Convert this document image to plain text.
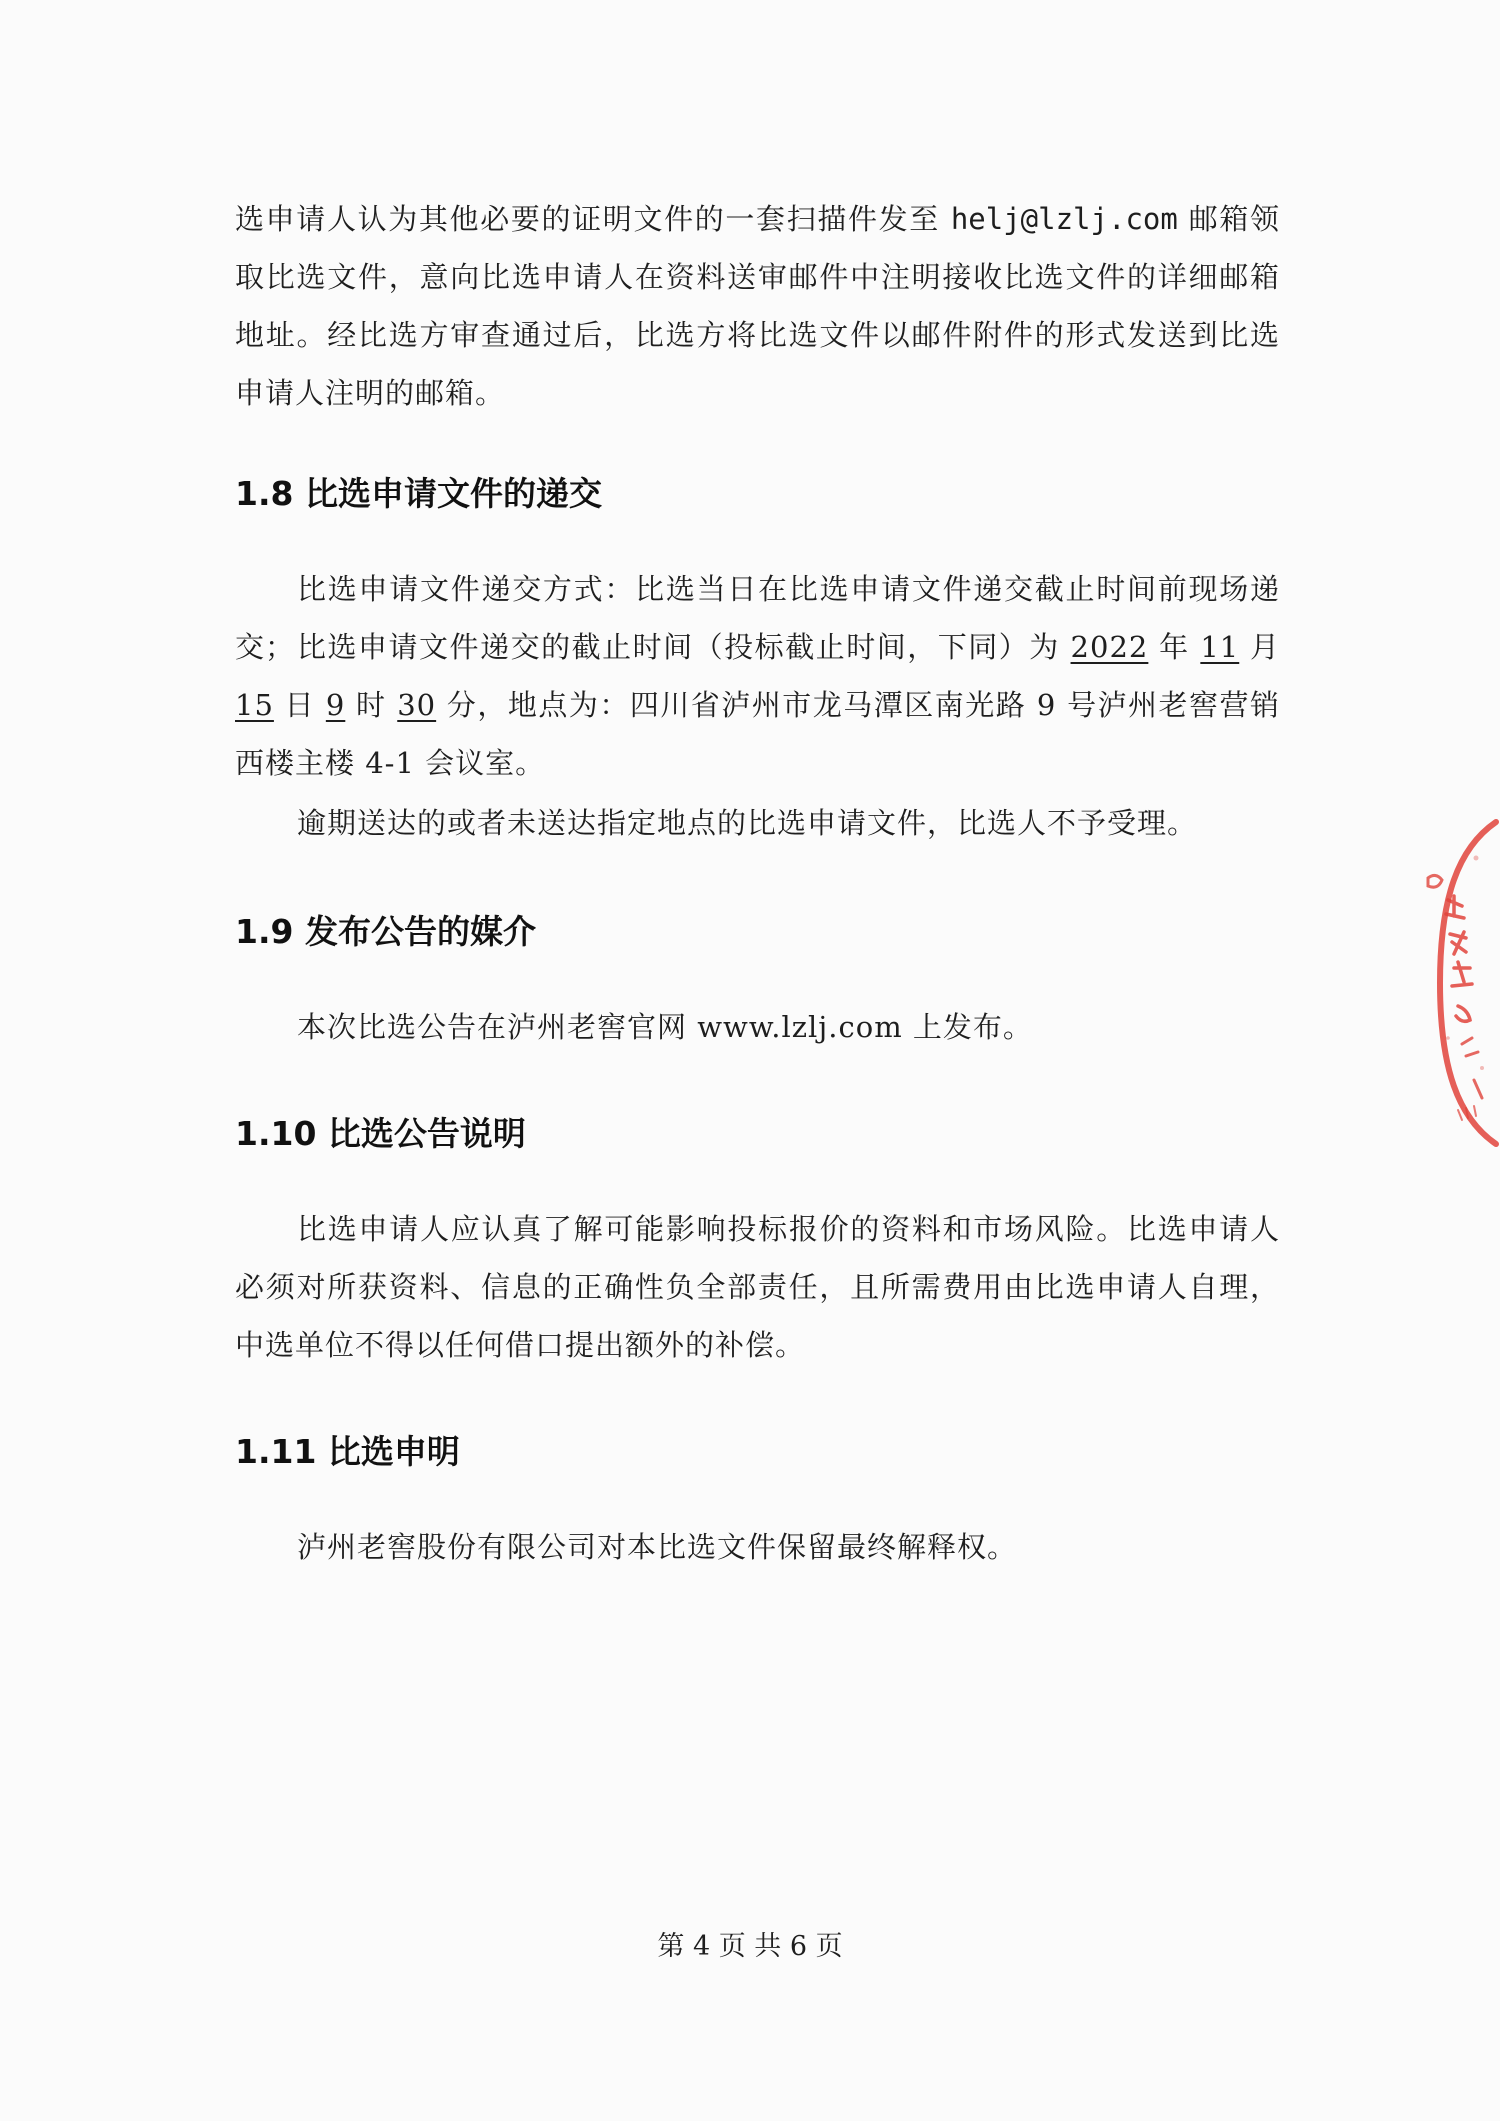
选申请人认为其他必要的证明文件的一套扫描件发至 helj@lzlj.com 邮箱领取比选文件，意向比选申请人在资料送审邮件中注明接收比选文件的详细邮箱地址。经比选方审查通过后，比选方将比选文件以邮件附件的形式发送到比选申请人注明的邮箱。

1.8 比选申请文件的递交

比选申请文件递交方式：比选当日在比选申请文件递交截止时间前现场递交； 比选申请文件递交的截止时间（投标截止时间，下同）为 2022 年 11 月 15 日 9 时 30 分，地点为：四川省泸州市龙马潭区南光路 9 号泸州老窖营销西楼主楼 4-1 会议室。

逾期送达的或者未送达指定地点的比选申请文件，比选人不予受理。

1.9 发布公告的媒介

本次比选公告在泸州老窖官网 www.lzlj.com 上发布。

1.10 比选公告说明

比选申请人应认真了解可能影响投标报价的资料和市场风险。比选申请人必须对所获资料、信息的正确性负全部责任，且所需费用由比选申请人自理，中选单位不得以任何借口提出额外的补偿。

1.11 比选申明

泸州老窖股份有限公司对本比选文件保留最终解释权。

第 4 页 共 6 页
